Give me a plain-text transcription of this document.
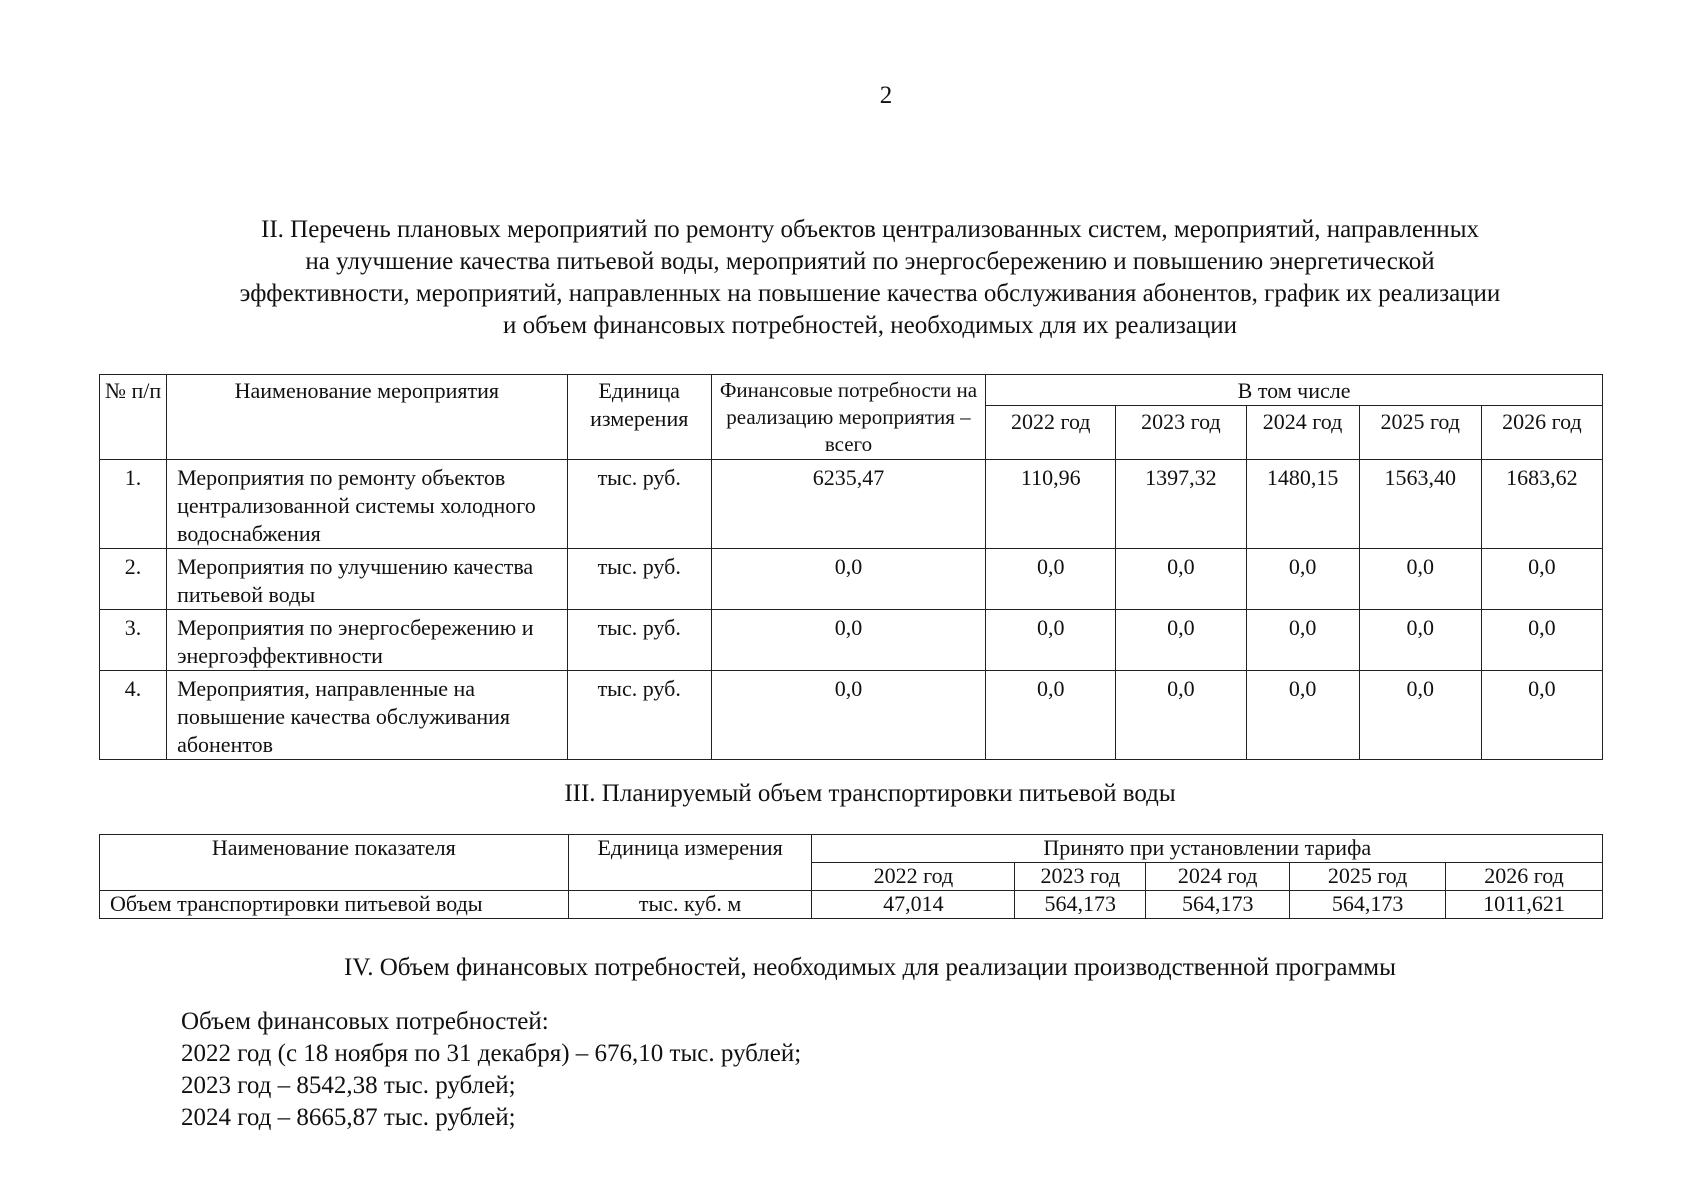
2
II. Перечень плановых мероприятий по ремонту объектов централизованных систем, мероприятий, направленных
на улучшение качества питьевой воды, мероприятий по энергосбережению и повышению энергетической
эффективности, мероприятий, направленных на повышение качества обслуживания абонентов, график их реализации
и объем финансовых потребностей, необходимых для их реализации
№ п/п	Наименование мероприятия	Единица измерения	Финансовые потребности на реализацию мероприятия – всего	В том числе				
				2022 год	2023 год	2024 год	2025 год	2026 год
1.	Мероприятия по ремонту объектов централизованной системы холодного водоснабжения	тыс. руб.	6235,47	110,96	1397,32	1480,15	1563,40	1683,62
2.	Мероприятия по улучшению качества питьевой воды	тыс. руб.	0,0	0,0	0,0	0,0	0,0	0,0
3.	Мероприятия по энергосбережению и энергоэффективности	тыс. руб.	0,0	0,0	0,0	0,0	0,0	0,0
4.	Мероприятия, направленные на повышение качества обслуживания абонентов	тыс. руб.	0,0	0,0	0,0	0,0	0,0	0,0
III. Планируемый объем транспортировки питьевой воды
Наименование показателя	Единица измерения	Принято при установлении тарифа				
		2022 год	2023 год	2024 год	2025 год	2026 год
Объем транспортировки питьевой воды	тыс. куб. м	47,014	564,173	564,173	564,173	1011,621
IV. Объем финансовых потребностей, необходимых для реализации производственной программы
Объем финансовых потребностей:
2022 год (с 18 ноября по 31 декабря) – 676,10 тыс. рублей;
2023 год – 8542,38 тыс. рублей;
2024 год – 8665,87 тыс. рублей;
